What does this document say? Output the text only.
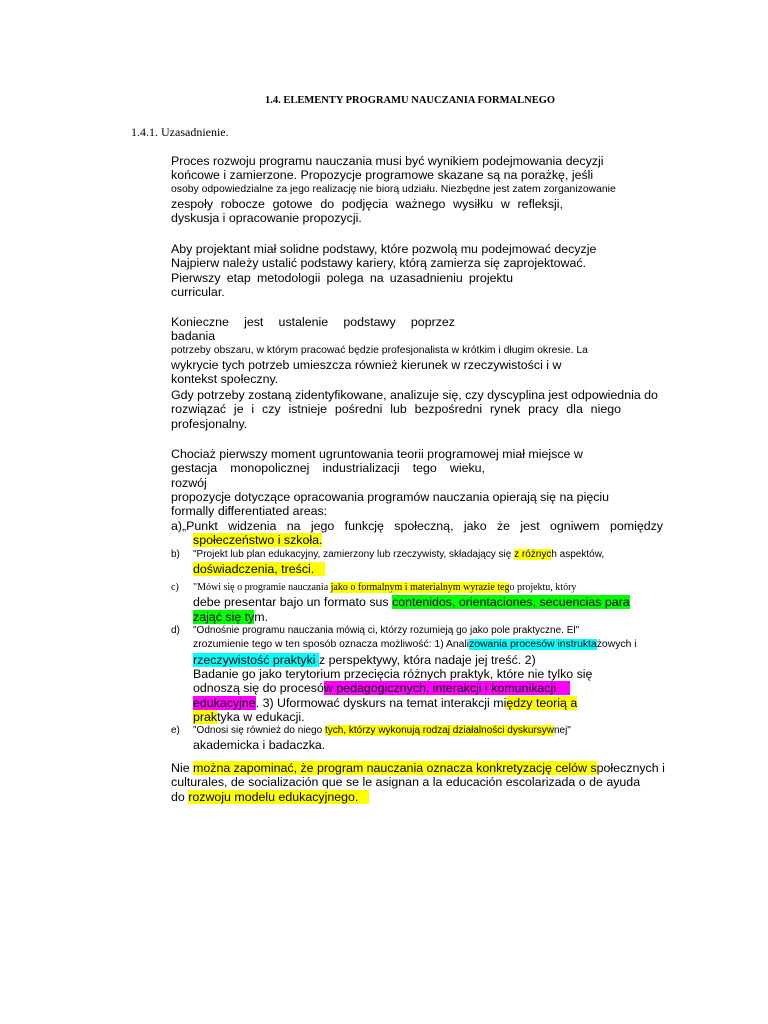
1.4. ELEMENTY PROGRAMU NAUCZANIA FORMALNEGO
1.4.1. Uzasadnienie.
Proces rozwoju programu nauczania musi być wynikiem podejmowania decyzji
końcowe i zamierzone. Propozycje programowe skazane są na porażkę, jeśli
osoby odpowiedzialne za jego realizację nie biorą udziału. Niezbędne jest zatem zorganizowanie
zespoły robocze gotowe do podjęcia ważnego wysiłku w refleksji,
dyskusja i opracowanie propozycji.
Aby projektant miał solidne podstawy, które pozwolą mu podejmować decyzje
Najpierw należy ustalić podstawy kariery, którą zamierza się zaprojektować.
Pierwszy etap metodologii polega na uzasadnieniu projektu
curricular.
Konieczne jest ustalenie podstawy poprzez badania
potrzeby obszaru, w którym pracować będzie profesjonalista w krótkim i długim okresie. La
wykrycie tych potrzeb umieszcza również kierunek w rzeczywistości i w
kontekst społeczny.
Gdy potrzeby zostaną zidentyfikowane, analizuje się, czy dyscyplina jest odpowiednia do
rozwiązać je i czy istnieje pośredni lub bezpośredni rynek pracy dla niego
profesjonalny.
Chociaż pierwszy moment ugruntowania teorii programowej miał miejsce w
gestacja monopolicznej industrializacji tego wieku, rozwój
propozycje dotyczące opracowania programów nauczania opierają się na pięciu
formally differentiated areas:
a)„Punkt widzenia na jego funkcję społeczną, jako że jest ogniwem pomiędzy
społeczeństwo i szkoła.
b) "Projekt lub plan edukacyjny, zamierzony lub rzeczywisty, składający się z różnych aspektów,
doświadczenia, treści.
c) "Mówi się o programie nauczania jako o formalnym i materialnym wyrazie tego projektu, który
debe presentar bajo un formato sus contenidos, orientaciones, secuencias para
zająć się tym.
d) "Odnośnie programu nauczania mówią ci, którzy rozumieją go jako pole praktyczne. El"
zrozumienie tego w ten sposób oznacza możliwość: 1) Analizowania procesów instruktażowych i
rzeczywistość praktyki z perspektywy, która nadaje jej treść. 2)
Badanie go jako terytorium przecięcia różnych praktyk, które nie tylko się
odnoszą się do procesów pedagogicznych, interakcji i komunikacji
edukacyjne. 3) Uformować dyskurs na temat interakcji między teorią a
praktyka w edukacji.
e) "Odnosi się również do niego tych, którzy wykonują rodzaj działalności dyskursywnej"
akademicka i badaczka.
Nie można zapominać, że program nauczania oznacza konkretyzację celów społecznych i
culturales, de socialización que se le asignan a la educación escolarizada o de ayuda
do rozwoju modelu edukacyjnego.
